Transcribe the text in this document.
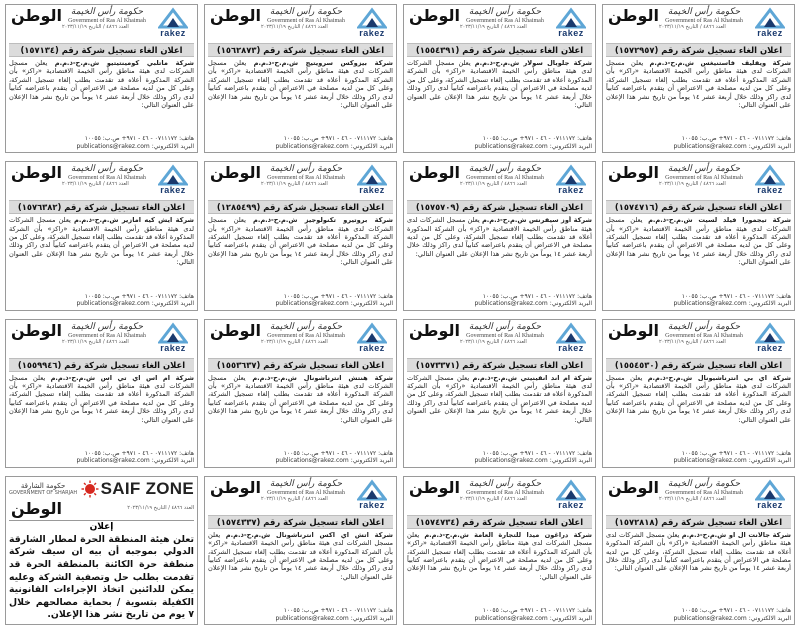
rakez
حكومة رأس الخيمة
Government of Ras Al Khaimah
العدد ٤٨٦٦ / التاريخ ٢٠٢٣/١١/١٩
الوطن
اعلان الغاء تسجيل شركة رقم (١٥٧١٣٤)
شركة ماتلبي كومينتيتيو ش.م.ح-ذ.م.م يعلن مسجل الشركات لدى هيئة مناطق رأس الخيمة الاقتصادية «راكز» بأن الشركة المذكورة أعلاه قد تقدمت بطلب إلغاء تسجيل الشركة، وعلى كل من لديه مصلحة في الاعتراض أن يتقدم باعتراضه كتابياً لدى راكز وذلك خلال أربعة عشر ١٤ يوماً من تاريخ نشر هذا الإعلان على العنوان التالي:
هاتف: ٠٧١١١٧٢ - ٤٦ - ٩٧١+ ص.ب: ١٠٠٥٥
البريد الالكتروني: publications@rakez.com
rakez
حكومة رأس الخيمة
Government of Ras Al Khaimah
العدد ٤٨٦٦ / التاريخ ٢٠٢٣/١١/١٩
الوطن
اعلان الغاء تسجيل شركة رقم (١٥٦٢٨٧٣)
شركة بيزوكس سرويتيج ش.م.ح-ذ.م.م يعلن مسجل الشركات لدى هيئة مناطق رأس الخيمة الاقتصادية «راكز» بأن الشركة المذكورة أعلاه قد تقدمت بطلب إلغاء تسجيل الشركة، وعلى كل من لديه مصلحة في الاعتراض أن يتقدم باعتراضه كتابياً لدى راكز وذلك خلال أربعة عشر ١٤ يوماً من تاريخ نشر هذا الإعلان على العنوان التالي:
هاتف: ٠٧١١١٧٢ - ٤٦ - ٩٧١+ ص.ب: ١٠٠٥٥
البريد الالكتروني: publications@rakez.com
rakez
حكومة رأس الخيمة
Government of Ras Al Khaimah
العدد ٤٨٦٦ / التاريخ ٢٠٢٣/١١/١٩
الوطن
اعلان الغاء تسجيل شركة رقم (١٥٥٤٣٩١)
شركة جلوبال سولار ش.م.ح-ذ.م.م يعلن مسجل الشركات لدى هيئة مناطق رأس الخيمة الاقتصادية «راكز» بأن الشركة المذكورة أعلاه قد تقدمت بطلب إلغاء تسجيل الشركة، وعلى كل من لديه مصلحة في الاعتراض أن يتقدم باعتراضه كتابياً لدى راكز وذلك خلال أربعة عشر ١٤ يوماً من تاريخ نشر هذا الإعلان على العنوان التالي:
هاتف: ٠٧١١١٧٢ - ٤٦ - ٩٧١+ ص.ب: ١٠٠٥٥
البريد الالكتروني: publications@rakez.com
rakez
حكومة رأس الخيمة
Government of Ras Al Khaimah
العدد ٤٨٦٦ / التاريخ ٢٠٢٣/١١/١٩
الوطن
اعلان الغاء تسجيل شركة رقم (١٥٧٢٩٥٧)
شركة ويفليف فاستنيغس ش.م.ح-ذ.م.م يعلن مسجل الشركات لدى هيئة مناطق رأس الخيمة الاقتصادية «راكز» بأن الشركة المذكورة أعلاه قد تقدمت بطلب إلغاء تسجيل الشركة، وعلى كل من لديه مصلحة في الاعتراض أن يتقدم باعتراضه كتابياً لدى راكز وذلك خلال أربعة عشر ١٤ يوماً من تاريخ نشر هذا الإعلان على العنوان التالي:
هاتف: ٠٧١١١٧٢ - ٤٦ - ٩٧١+ ص.ب: ١٠٠٥٥
البريد الالكتروني: publications@rakez.com
rakez
حكومة رأس الخيمة
Government of Ras Al Khaimah
العدد ٤٨٦٦ / التاريخ ٢٠٢٣/١١/١٩
الوطن
اعلان الغاء تسجيل شركة رقم (١٥٧٦٣٨٢)
شركة ايش كيه امازير ش.م.ح-ذ.م.م يعلن مسجل الشركات لدى هيئة مناطق رأس الخيمة الاقتصادية «راكز» بأن الشركة المذكورة أعلاه قد تقدمت بطلب إلغاء تسجيل الشركة، وعلى كل من لديه مصلحة في الاعتراض أن يتقدم باعتراضه كتابياً لدى راكز وذلك خلال أربعة عشر ١٤ يوماً من تاريخ نشر هذا الإعلان على العنوان التالي:
هاتف: ٠٧١١١٧٢ - ٤٦ - ٩٧١+ ص.ب: ١٠٠٥٥
البريد الالكتروني: publications@rakez.com
rakez
حكومة رأس الخيمة
Government of Ras Al Khaimah
العدد ٤٨٦٦ / التاريخ ٢٠٢٣/١١/١٩
الوطن
اعلان الغاء تسجيل شركة رقم (١٢٨٥٤٩٩)
شركة بروتيرو تكنولوجيز ش.م.ح-ذ.م.م يعلن مسجل الشركات لدى هيئة مناطق رأس الخيمة الاقتصادية «راكز» بأن الشركة المذكورة أعلاه قد تقدمت بطلب إلغاء تسجيل الشركة، وعلى كل من لديه مصلحة في الاعتراض أن يتقدم باعتراضه كتابياً لدى راكز وذلك خلال أربعة عشر ١٤ يوماً من تاريخ نشر هذا الإعلان على العنوان التالي:
هاتف: ٠٧١١١٧٢ - ٤٦ - ٩٧١+ ص.ب: ١٠٠٥٥
البريد الالكتروني: publications@rakez.com
rakez
حكومة رأس الخيمة
Government of Ras Al Khaimah
العدد ٤٨٦٦ / التاريخ ٢٠٢٣/١١/١٩
الوطن
اعلان الغاء تسجيل شركة رقم (١٥٧٥٧٠٩)
شركة أوز سيفرنس ش.م.ح-ذ.م.م يعلن مسجل الشركات لدى هيئة مناطق رأس الخيمة الاقتصادية «راكز» بأن الشركة المذكورة أعلاه قد تقدمت بطلب إلغاء تسجيل الشركة، وعلى كل من لديه مصلحة في الاعتراض أن يتقدم باعتراضه كتابياً لدى راكز وذلك خلال أربعة عشر ١٤ يوماً من تاريخ نشر هذا الإعلان على العنوان التالي:
هاتف: ٠٧١١١٧٢ - ٤٦ - ٩٧١+ ص.ب: ١٠٠٥٥
البريد الالكتروني: publications@rakez.com
rakez
حكومة رأس الخيمة
Government of Ras Al Khaimah
العدد ٤٨٦٦ / التاريخ ٢٠٢٣/١١/١٩
الوطن
اعلان الغاء تسجيل شركة رقم (١٥٧٤٧١٦)
شركة تيجمورا فيلد لسيت ش.م.ح-ذ.م.م يعلن مسجل الشركات لدى هيئة مناطق رأس الخيمة الاقتصادية «راكز» بأن الشركة المذكورة أعلاه قد تقدمت بطلب إلغاء تسجيل الشركة، وعلى كل من لديه مصلحة في الاعتراض أن يتقدم باعتراضه كتابياً لدى راكز وذلك خلال أربعة عشر ١٤ يوماً من تاريخ نشر هذا الإعلان على العنوان التالي:
هاتف: ٠٧١١١٧٢ - ٤٦ - ٩٧١+ ص.ب: ١٠٠٥٥
البريد الالكتروني: publications@rakez.com
rakez
حكومة رأس الخيمة
Government of Ras Al Khaimah
العدد ٤٨٦٦ / التاريخ ٢٠٢٣/١١/١٩
الوطن
اعلان الغاء تسجيل شركة رقم (١٥٥٩٩٤٦)
شركة ام اس اي تي اس ش.م.ح-ذ.م.م يعلن مسجل الشركات لدى هيئة مناطق رأس الخيمة الاقتصادية «راكز» بأن الشركة المذكورة أعلاه قد تقدمت بطلب إلغاء تسجيل الشركة، وعلى كل من لديه مصلحة في الاعتراض أن يتقدم باعتراضه كتابياً لدى راكز وذلك خلال أربعة عشر ١٤ يوماً من تاريخ نشر هذا الإعلان على العنوان التالي:
هاتف: ٠٧١١١٧٢ - ٤٦ - ٩٧١+ ص.ب: ١٠٠٥٥
البريد الالكتروني: publications@rakez.com
rakez
حكومة رأس الخيمة
Government of Ras Al Khaimah
العدد ٤٨٦٦ / التاريخ ٢٠٢٣/١١/١٩
الوطن
اعلان الغاء تسجيل شركة رقم (١٥٥٣٦٣٧)
شركة هنتش انترناشونال ش.م.ح-ذ.م.م يعلن مسجل الشركات لدى هيئة مناطق رأس الخيمة الاقتصادية «راكز» بأن الشركة المذكورة أعلاه قد تقدمت بطلب إلغاء تسجيل الشركة، وعلى كل من لديه مصلحة في الاعتراض أن يتقدم باعتراضه كتابياً لدى راكز وذلك خلال أربعة عشر ١٤ يوماً من تاريخ نشر هذا الإعلان على العنوان التالي:
هاتف: ٠٧١١١٧٢ - ٤٦ - ٩٧١+ ص.ب: ١٠٠٥٥
البريد الالكتروني: publications@rakez.com
rakez
حكومة رأس الخيمة
Government of Ras Al Khaimah
العدد ٤٨٦٦ / التاريخ ٢٠٢٣/١١/١٩
الوطن
اعلان الغاء تسجيل شركة رقم (١٥٧٣٣٧١)
شركة ام اند انفينيتي ش.م.ح-ذ.م.م يعلن مسجل الشركات لدى هيئة مناطق رأس الخيمة الاقتصادية «راكز» بأن الشركة المذكورة أعلاه قد تقدمت بطلب إلغاء تسجيل الشركة، وعلى كل من لديه مصلحة في الاعتراض أن يتقدم باعتراضه كتابياً لدى راكز وذلك خلال أربعة عشر ١٤ يوماً من تاريخ نشر هذا الإعلان على العنوان التالي:
هاتف: ٠٧١١١٧٢ - ٤٦ - ٩٧١+ ص.ب: ١٠٠٥٥
البريد الالكتروني: publications@rakez.com
rakez
حكومة رأس الخيمة
Government of Ras Al Khaimah
العدد ٤٨٦٦ / التاريخ ٢٠٢٣/١١/١٩
الوطن
اعلان الغاء تسجيل شركة رقم (١٥٥٤٥٣٠)
شركة اي بي انترناشيونال ش.م.ح-ذ.م.م يعلن مسجل الشركات لدى هيئة مناطق رأس الخيمة الاقتصادية «راكز» بأن الشركة المذكورة أعلاه قد تقدمت بطلب إلغاء تسجيل الشركة، وعلى كل من لديه مصلحة في الاعتراض أن يتقدم باعتراضه كتابياً لدى راكز وذلك خلال أربعة عشر ١٤ يوماً من تاريخ نشر هذا الإعلان على العنوان التالي:
هاتف: ٠٧١١١٧٢ - ٤٦ - ٩٧١+ ص.ب: ١٠٠٥٥
البريد الالكتروني: publications@rakez.com
SAIF ZONE
حكومة الشارقة
GOVERNMENT OF SHARJAH
العدد ٤٨٦٦ / التاريخ ٢٠٢٣/١١/١٩
الوطن
إعلان
تعلن هيئة المنطقة الحرة لمطار الشارقة الدولي بموجبه أن بيه ان سيف شركة منطقة حرة الكائنة بالمنطقة الحرة قد تقدمت بطلب حل وتصفية الشركة وعليه يمكن للدائنين اتخاذ الإجراءات القانونية الكفيلة بتسوية / بحماية مصالحهم خلال ٧ يوم من تاريخ نشر هذا الإعلان.
rakez
حكومة رأس الخيمة
Government of Ras Al Khaimah
العدد ٤٨٦٦ / التاريخ ٢٠٢٣/١١/١٩
الوطن
اعلان الغاء تسجيل شركة رقم (١٥٧٤٣٣٧)
شركة اتش اي اكس انترناشونال ش.م.ح-ذ.م.م يعلن مسجل الشركات لدى هيئة مناطق رأس الخيمة الاقتصادية «راكز» بأن الشركة المذكورة أعلاه قد تقدمت بطلب إلغاء تسجيل الشركة، وعلى كل من لديه مصلحة في الاعتراض أن يتقدم باعتراضه كتابياً لدى راكز وذلك خلال أربعة عشر ١٤ يوماً من تاريخ نشر هذا الإعلان على العنوان التالي:
هاتف: ٠٧١١١٧٢ - ٤٦ - ٩٧١+ ص.ب: ١٠٠٥٥
البريد الالكتروني: publications@rakez.com
rakez
حكومة رأس الخيمة
Government of Ras Al Khaimah
العدد ٤٨٦٦ / التاريخ ٢٠٢٣/١١/١٩
الوطن
اعلان الغاء تسجيل شركة رقم (١٥٧٤٧٣٤)
شركة دراغون ميدا للتجارة العامة ش.م.ح-ذ.م.م يعلن مسجل الشركات لدى هيئة مناطق رأس الخيمة الاقتصادية «راكز» بأن الشركة المذكورة أعلاه قد تقدمت بطلب إلغاء تسجيل الشركة، وعلى كل من لديه مصلحة في الاعتراض أن يتقدم باعتراضه كتابياً لدى راكز وذلك خلال أربعة عشر ١٤ يوماً من تاريخ نشر هذا الإعلان على العنوان التالي:
هاتف: ٠٧١١١٧٢ - ٤٦ - ٩٧١+ ص.ب: ١٠٠٥٥
البريد الالكتروني: publications@rakez.com
rakez
حكومة رأس الخيمة
Government of Ras Al Khaimah
العدد ٤٨٦٦ / التاريخ ٢٠٢٣/١١/١٩
الوطن
اعلان الغاء تسجيل شركة رقم (١٥٧٢٨١٨)
شركة جالانت ال او ش.م.ح-ذ.م.م يعلن مسجل الشركات لدى هيئة مناطق رأس الخيمة الاقتصادية «راكز» بأن الشركة المذكورة أعلاه قد تقدمت بطلب إلغاء تسجيل الشركة، وعلى كل من لديه مصلحة في الاعتراض أن يتقدم باعتراضه كتابياً لدى راكز وذلك خلال أربعة عشر ١٤ يوماً من تاريخ نشر هذا الإعلان على العنوان التالي:
هاتف: ٠٧١١١٧٢ - ٤٦ - ٩٧١+ ص.ب: ١٠٠٥٥
البريد الالكتروني: publications@rakez.com
